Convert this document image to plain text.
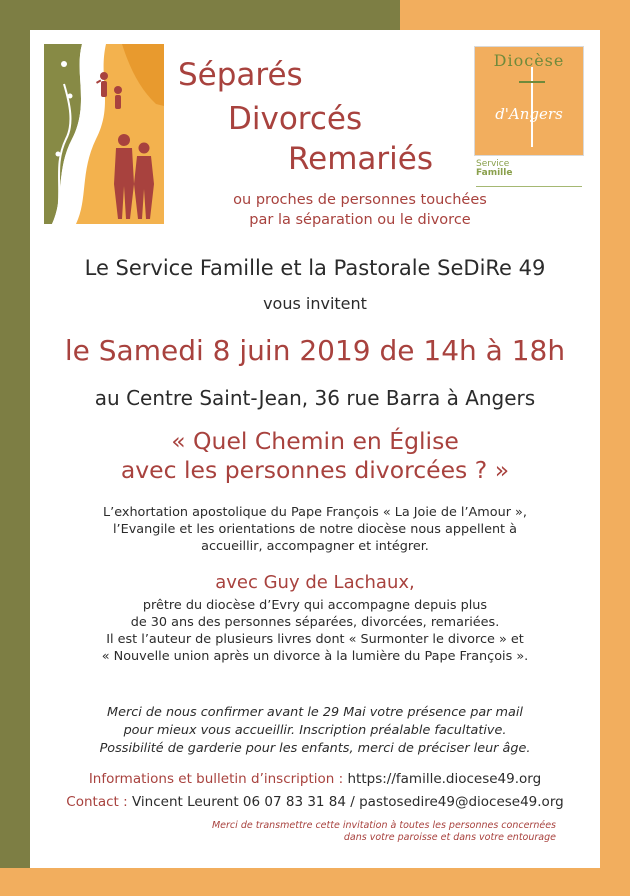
Séparés
Divorcés
Remariés
Diocèse
d'Angers
Service
Famille
ou proches de personnes touchées
par la séparation ou le divorce
Le Service Famille et la Pastorale SeDiRe 49
vous invitent
le Samedi 8 juin 2019 de 14h à 18h
au Centre Saint-Jean, 36 rue Barra à Angers
« Quel Chemin en Église
avec les personnes divorcées ? »
L’exhortation apostolique du Pape François « La Joie de l’Amour »,
l’Evangile et les orientations de notre diocèse nous appellent à
accueillir, accompagner et intégrer.
avec Guy de Lachaux,
prêtre du diocèse d’Evry qui accompagne depuis plus
de 30 ans des personnes séparées, divorcées, remariées.
Il est l’auteur de plusieurs livres dont « Surmonter le divorce » et
« Nouvelle union après un divorce à la lumière du Pape François ».
Merci de nous confirmer avant le 29 Mai votre présence par mail
pour mieux vous accueillir. Inscription préalable facultative.
Possibilité de garderie pour les enfants, merci de préciser leur âge.
Informations et bulletin d’inscription : https://famille.diocese49.org
Contact : Vincent Leurent 06 07 83 31 84 / pastosedire49@diocese49.org
Merci de transmettre cette invitation à toutes les personnes concernées
dans votre paroisse et dans votre entourage
